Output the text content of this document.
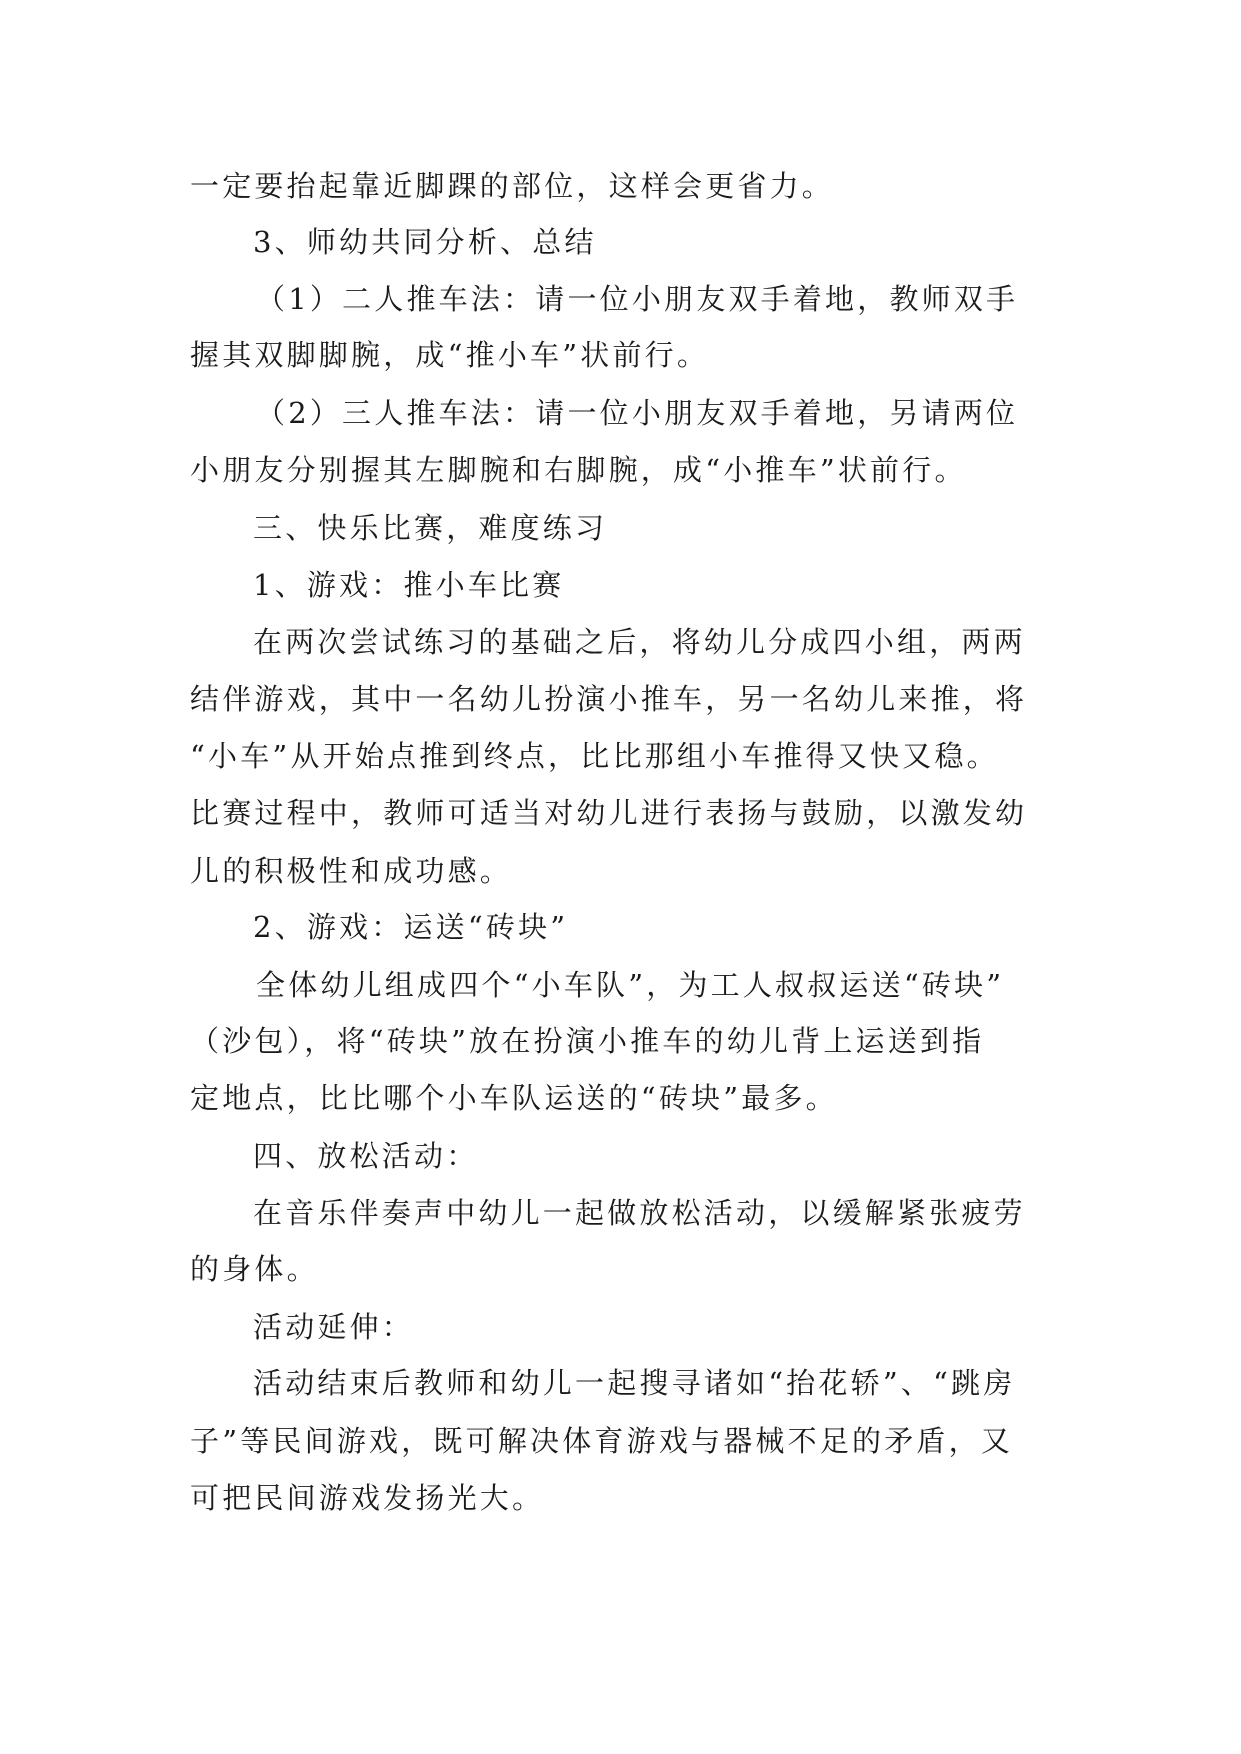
一定要抬起靠近脚踝的部位，这样会更省力。
3、师幼共同分析、总结
（1）二人推车法：请一位小朋友双手着地，教师双手
握其双脚脚腕，成“推小车”状前行。
（2）三人推车法：请一位小朋友双手着地，另请两位
小朋友分别握其左脚腕和右脚腕，成“小推车”状前行。
三、快乐比赛，难度练习
1、游戏：推小车比赛
在两次尝试练习的基础之后，将幼儿分成四小组，两两
结伴游戏，其中一名幼儿扮演小推车，另一名幼儿来推，将
“小车”从开始点推到终点，比比那组小车推得又快又稳。
比赛过程中，教师可适当对幼儿进行表扬与鼓励，以激发幼
儿的积极性和成功感。
2、游戏：运送“砖块”
全体幼儿组成四个“小车队”，为工人叔叔运送“砖块”
（沙包），将“砖块”放在扮演小推车的幼儿背上运送到指
定地点，比比哪个小车队运送的“砖块”最多。
四、放松活动：
在音乐伴奏声中幼儿一起做放松活动，以缓解紧张疲劳
的身体。
活动延伸：
活动结束后教师和幼儿一起搜寻诸如“抬花轿”、“跳房
子”等民间游戏，既可解决体育游戏与器械不足的矛盾，又
可把民间游戏发扬光大。
